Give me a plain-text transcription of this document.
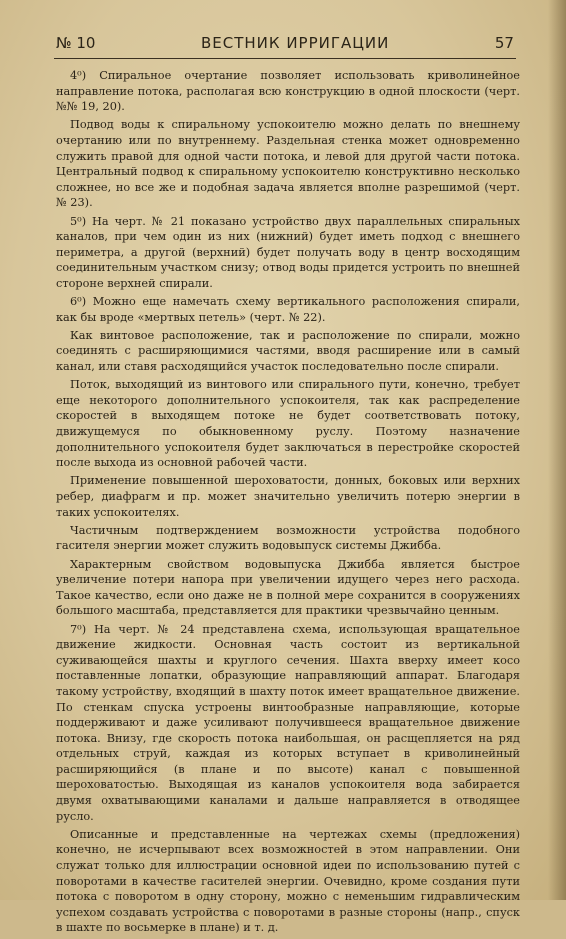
№ 10	ВЕСТНИК ИРРИГАЦИИ	57

4⁰) Спиральное очертание позволяет использовать криволинейное направление потока, располагая всю конструкцию в одной плоскости (черт. №№ 19, 20).

Подвод воды к спиральному успокоителю можно делать по внешнему очертанию или по внутреннему. Раздельная стенка может одновременно служить правой для одной части потока, и левой для другой части потока. Центральный подвод к спиральному успокоителю конструктивно несколько сложнее, но все же и подобная задача является вполне разрешимой (черт. № 23).

5⁰) На черт. № 21 показано устройство двух параллельных спиральных каналов, при чем один из них (нижний) будет иметь подход с внешнего периметра, а другой (верхний) будет получать воду в центр восходящим соединительным участком снизу; отвод воды придется устроить по внешней стороне верхней спирали.

6⁰) Можно еще намечать схему вертикального расположения спирали, как бы вроде «мертвых петель» (черт. № 22).

Как винтовое расположение, так и расположение по спирали, можно соединять с расширяющимися частями, вводя расширение или в самый канал, или ставя расходящийся участок последовательно после спирали.

Поток, выходящий из винтового или спирального пути, конечно, требует еще некоторого дополнительного успокоителя, так как распределение скоростей в выходящем потоке не будет соответствовать потоку, движущемуся по обыкновенному руслу. Поэтому назначение дополнительного успокоителя будет заключаться в перестройке скоростей после выхода из основной рабочей части.

Применение повышенной шероховатости, донных, боковых или верхних ребер, диафрагм и пр. может значительно увеличить потерю энергии в таких успокоителях.

Частичным подтверждением возможности устройства подобного гасителя энергии может служить водовыпуск системы Джибба.

Характерным свойством водовыпуска Джибба является быстрое увеличение потери напора при увеличении идущего через него расхода. Такое качество, если оно даже не в полной мере сохранится в сооружениях большого масштаба, представляется для практики чрезвычайно ценным.

7⁰) На черт. № 24 представлена схема, использующая вращательное движение жидкости. Основная часть состоит из вертикальной суживающейся шахты и круглого сечения. Шахта вверху имеет косо поставленные лопатки, образующие направляющий аппарат. Благодаря такому устройству, входящий в шахту поток имеет вращательное движение. По стенкам спуска устроены винтообразные направляющие, которые поддерживают и даже усиливают получившееся вращательное движение потока. Внизу, где скорость потока наибольшая, он расщепляется на ряд отдельных струй, каждая из которых вступает в криволинейный расширяющийся (в плане и по высоте) канал с повышенной шероховатостью. Выходящая из каналов успокоителя вода забирается двумя охватывающими каналами и дальше направляется в отводящее русло.

Описанные и представленные на чертежах схемы (предложения) конечно, не исчерпывают всех возможностей в этом направлении. Они служат только для иллюстрации основной идеи по использованию путей с поворотами в качестве гасителей энергии. Очевидно, кроме создания пути потока с поворотом в одну сторону, можно с неменьшим гидравлическим успехом создавать устройства с поворотами в разные стороны (напр., спуск в шахте по восьмерке в плане) и т. д.
